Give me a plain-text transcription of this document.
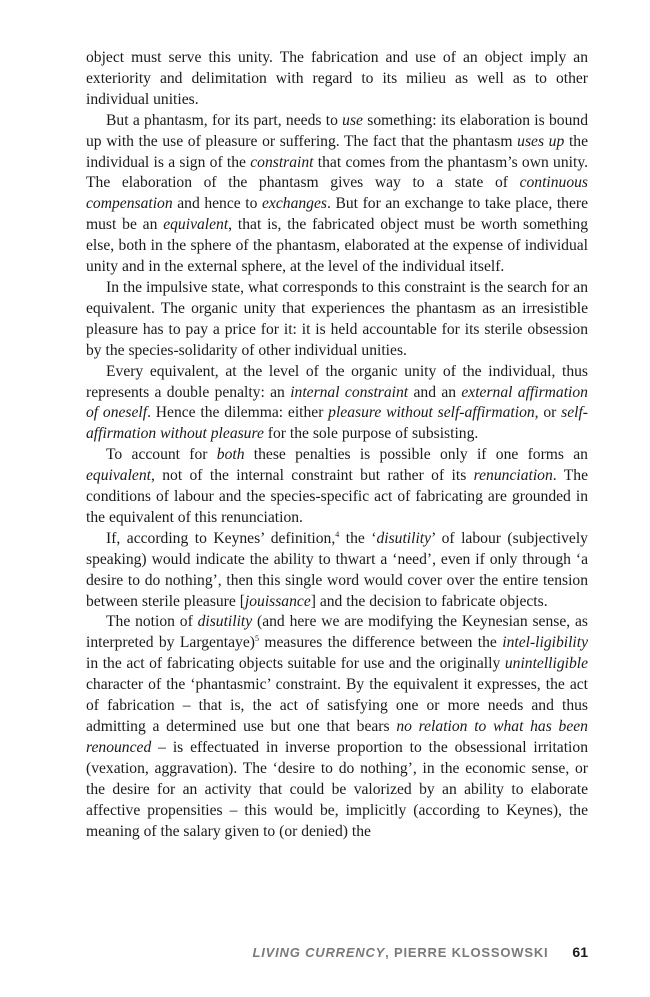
object must serve this unity. The fabrication and use of an object imply an exteriority and delimitation with regard to its milieu as well as to other individual unities.

But a phantasm, for its part, needs to use something: its elaboration is bound up with the use of pleasure or suffering. The fact that the phantasm uses up the individual is a sign of the constraint that comes from the phantasm’s own unity. The elaboration of the phantasm gives way to a state of continuous compensation and hence to exchanges. But for an exchange to take place, there must be an equivalent, that is, the fabricated object must be worth something else, both in the sphere of the phantasm, elaborated at the expense of individual unity and in the external sphere, at the level of the individual itself.

In the impulsive state, what corresponds to this constraint is the search for an equivalent. The organic unity that experiences the phantasm as an irresistible pleasure has to pay a price for it: it is held accountable for its sterile obsession by the species-solidarity of other individual unities.

Every equivalent, at the level of the organic unity of the individual, thus represents a double penalty: an internal constraint and an external affirmation of oneself. Hence the dilemma: either pleasure without self-affirmation, or self-affirmation without pleasure for the sole purpose of subsisting.

To account for both these penalties is possible only if one forms an equivalent, not of the internal constraint but rather of its renunciation. The conditions of labour and the species-specific act of fabricating are grounded in the equivalent of this renunciation.

If, according to Keynes’ definition,$^4$ the ‘disutility’ of labour (subjectively speaking) would indicate the ability to thwart a ‘need’, even if only through ‘a desire to do nothing’, then this single word would cover over the entire tension between sterile pleasure [jouissance] and the decision to fabricate objects.

The notion of disutility (and here we are modifying the Keynesian sense, as interpreted by Largentaye)$^5$ measures the difference between the intel-ligibility in the act of fabricating objects suitable for use and the originally unintelligible character of the ‘phantasmic’ constraint. By the equivalent it expresses, the act of fabrication – that is, the act of satisfying one or more needs and thus admitting a determined use but one that bears no relation to what has been renounced – is effectuated in inverse proportion to the obsessional irritation (vexation, aggravation). The ‘desire to do nothing’, in the economic sense, or the desire for an activity that could be valorized by an ability to elaborate affective propensities – this would be, implicitly (according to Keynes), the meaning of the salary given to (or denied) the

LIVING CURRENCY , PIERRE KLOSSOWSKI 61
